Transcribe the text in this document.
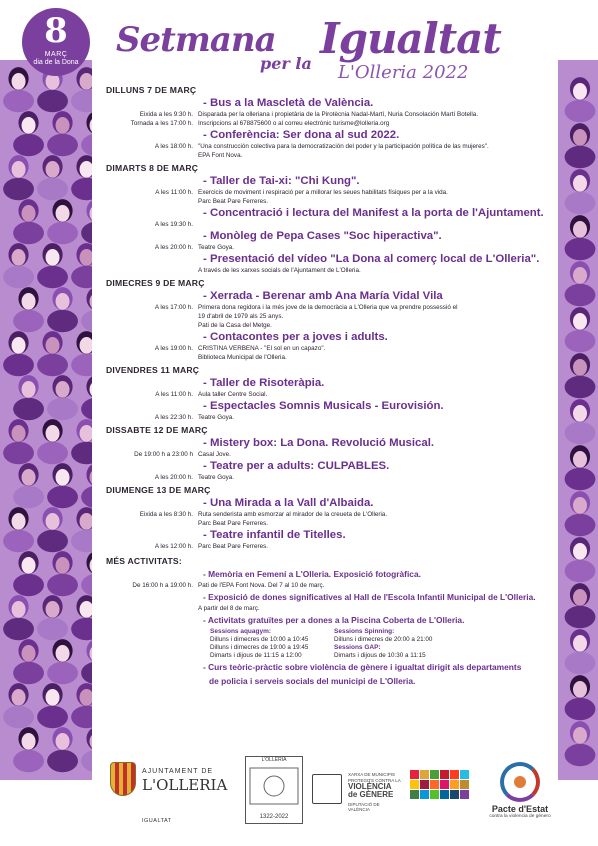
8
MARÇ
dia de la Dona
Setmana
per la
Igualtat
L'Olleria 2022
DILLUNS 7 DE MARÇ
- Bus a la Mascletà de València.
Eixida a les 9:30 h. Disparada per la olleriana i propietària de la Pirotècnia Nadal-Martí, Nuria Consolación Martí Botella.
Tornada a les 17:00 h. Inscripcions al 678875600 o al correu electrònic turisme@lolleria.org
- Conferència: Ser dona al sud 2022.
A les 18:00 h. "Una construcción colectiva para la democratización del poder y la participación política de las mujeres".
EPA Font Nova.
DIMARTS 8 DE MARÇ
- Taller de Tai-xi: "Chi Kung".
A les 11:00 h. Exercicis de moviment i respiració per a millorar les seues habilitats físiques per a la vida.
Parc Beat Pare Ferreres.
- Concentració i lectura del Manifest a la porta de l'Ajuntament.
A les 19:30 h.
- Monòleg de Pepa Cases "Soc hiperactiva".
A les 20:00 h. Teatre Goya.
- Presentació del vídeo "La Dona al comerç local de L'Olleria".
A través de les xarxes socials de l'Ajuntament de L'Olleria.
DIMECRES 9 DE MARÇ
- Xerrada - Berenar amb Ana María Vidal Vila
A les 17:00 h. Primera dona regidora i la més jove de la democràcia a L'Olleria que va prendre possessió el
19 d'abril de 1979 als 25 anys.
Pati de la Casa del Metge.
- Contacontes per a joves i adults.
A les 19:00 h. CRISTINA VERBENA - "El sol en un capazo".
Biblioteca Municipal de l'Olleria.
DIVENDRES 11 MARÇ
- Taller de Risoteràpia.
A les 11:00 h. Aula taller Centre Social.
- Espectacles Somnis Musicals - Eurovisión.
A les 22:30 h. Teatre Goya.
DISSABTE 12 DE MARÇ
- Mistery box: La Dona. Revolució Musical.
De 19:00 h a 23:00 h Casal Jove.
- Teatre per a adults: CULPABLES.
A les 20:00 h. Teatre Goya.
DIUMENGE 13 DE MARÇ
- Una Mirada a la Vall d'Albaida.
Eixida a les 8:30 h. Ruta senderista amb esmorzar al mirador de la creueta de L'Olleria.
Parc Beat Pare Ferreres.
- Teatre infantil de Titelles.
A les 12:00 h. Parc Beat Pare Ferreres.
MÉS ACTIVITATS:
- Memòria en Femení a L'Olleria. Exposició fotogràfica.
De 16:00 h a 19:00 h. Pati de l'EPA Font Nova. Del 7 al 10 de març.
- Exposició de dones significatives al Hall de l'Escola Infantil Municipal de L'Olleria.
A partir del 8 de març.
- Activitats gratuïtes per a dones a la Piscina Coberta de L'Olleria.
Sessions aquagym:
Dilluns i dimecres de 10:00 a 10:45
Dilluns i dimecres de 19:00 a 19:45
Dimarts i dijous de 11:15 a 12:00
Sessions Spinning:
Dilluns i dimecres de 20:00 a 21:00
Sessions GAP:
Dimarts i dijous de 10:30 a 11:15
- Curs teòric-pràctic sobre violència de gènere i igualtat dirigit als departaments
de policia i serveis socials del municipi de L'Olleria.
AJUNTAMENT DE
L'OLLERIA
IGUALTAT
L'OLLERIA
1322-2022
XARXA DE MUNICIPIS PROTEGITS CONTRA LA
VIOLÈNCIA de GÈNERE
DIPUTACIÓ DE VALÈNCIA	Pacte d'Estat
contra la violencia de género
